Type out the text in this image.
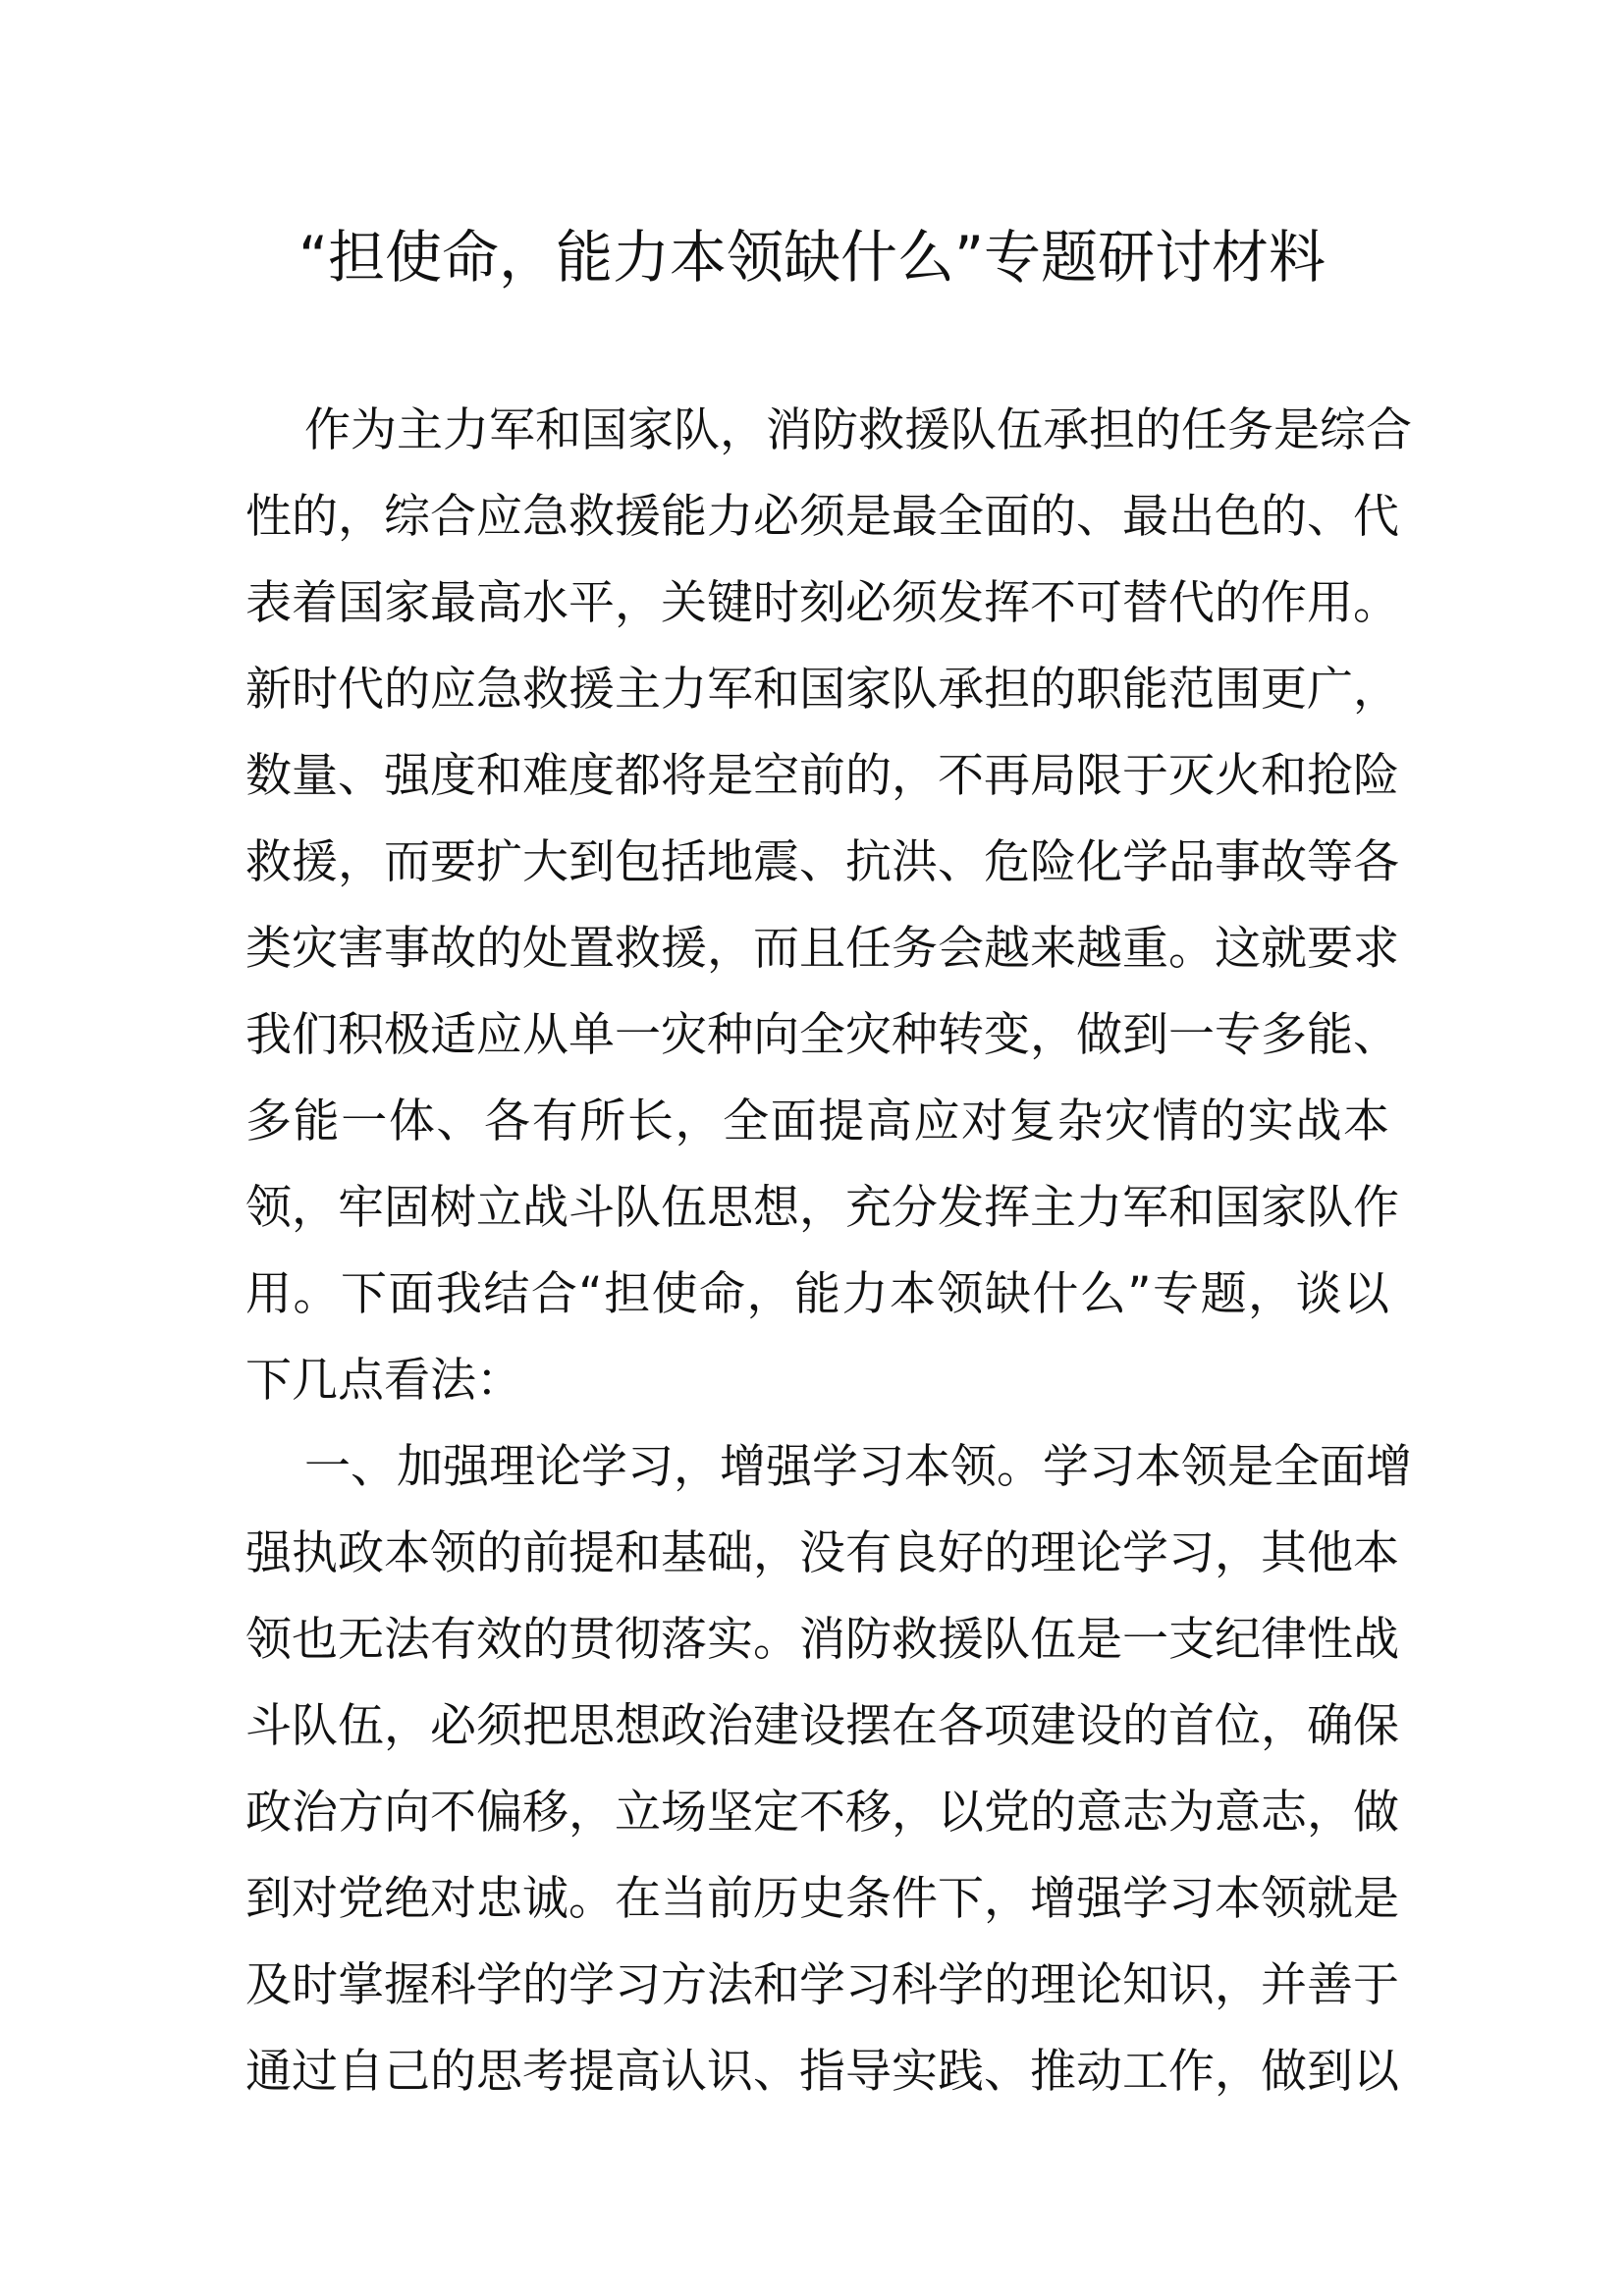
“担使命，能力本领缺什么”专题研讨材料
作为主力军和国家队，消防救援队伍承担的任务是综合
性的，综合应急救援能力必须是最全面的、最出色的、代
表着国家最高水平，关键时刻必须发挥不可替代的作用。
新时代的应急救援主力军和国家队承担的职能范围更广，
数量、强度和难度都将是空前的，不再局限于灭火和抢险
救援，而要扩大到包括地震、抗洪、危险化学品事故等各
类灾害事故的处置救援，而且任务会越来越重。这就要求
我们积极适应从单一灾种向全灾种转变，做到一专多能、
多能一体、各有所长，全面提高应对复杂灾情的实战本
领，牢固树立战斗队伍思想，充分发挥主力军和国家队作
用。下面我结合“担使命，能力本领缺什么”专题，谈以
下几点看法：
一、加强理论学习，增强学习本领。学习本领是全面增
强执政本领的前提和基础，没有良好的理论学习，其他本
领也无法有效的贯彻落实。消防救援队伍是一支纪律性战
斗队伍，必须把思想政治建设摆在各项建设的首位，确保
政治方向不偏移，立场坚定不移，以党的意志为意志，做
到对党绝对忠诚。在当前历史条件下，增强学习本领就是
及时掌握科学的学习方法和学习科学的理论知识，并善于
通过自己的思考提高认识、指导实践、推动工作，做到以
